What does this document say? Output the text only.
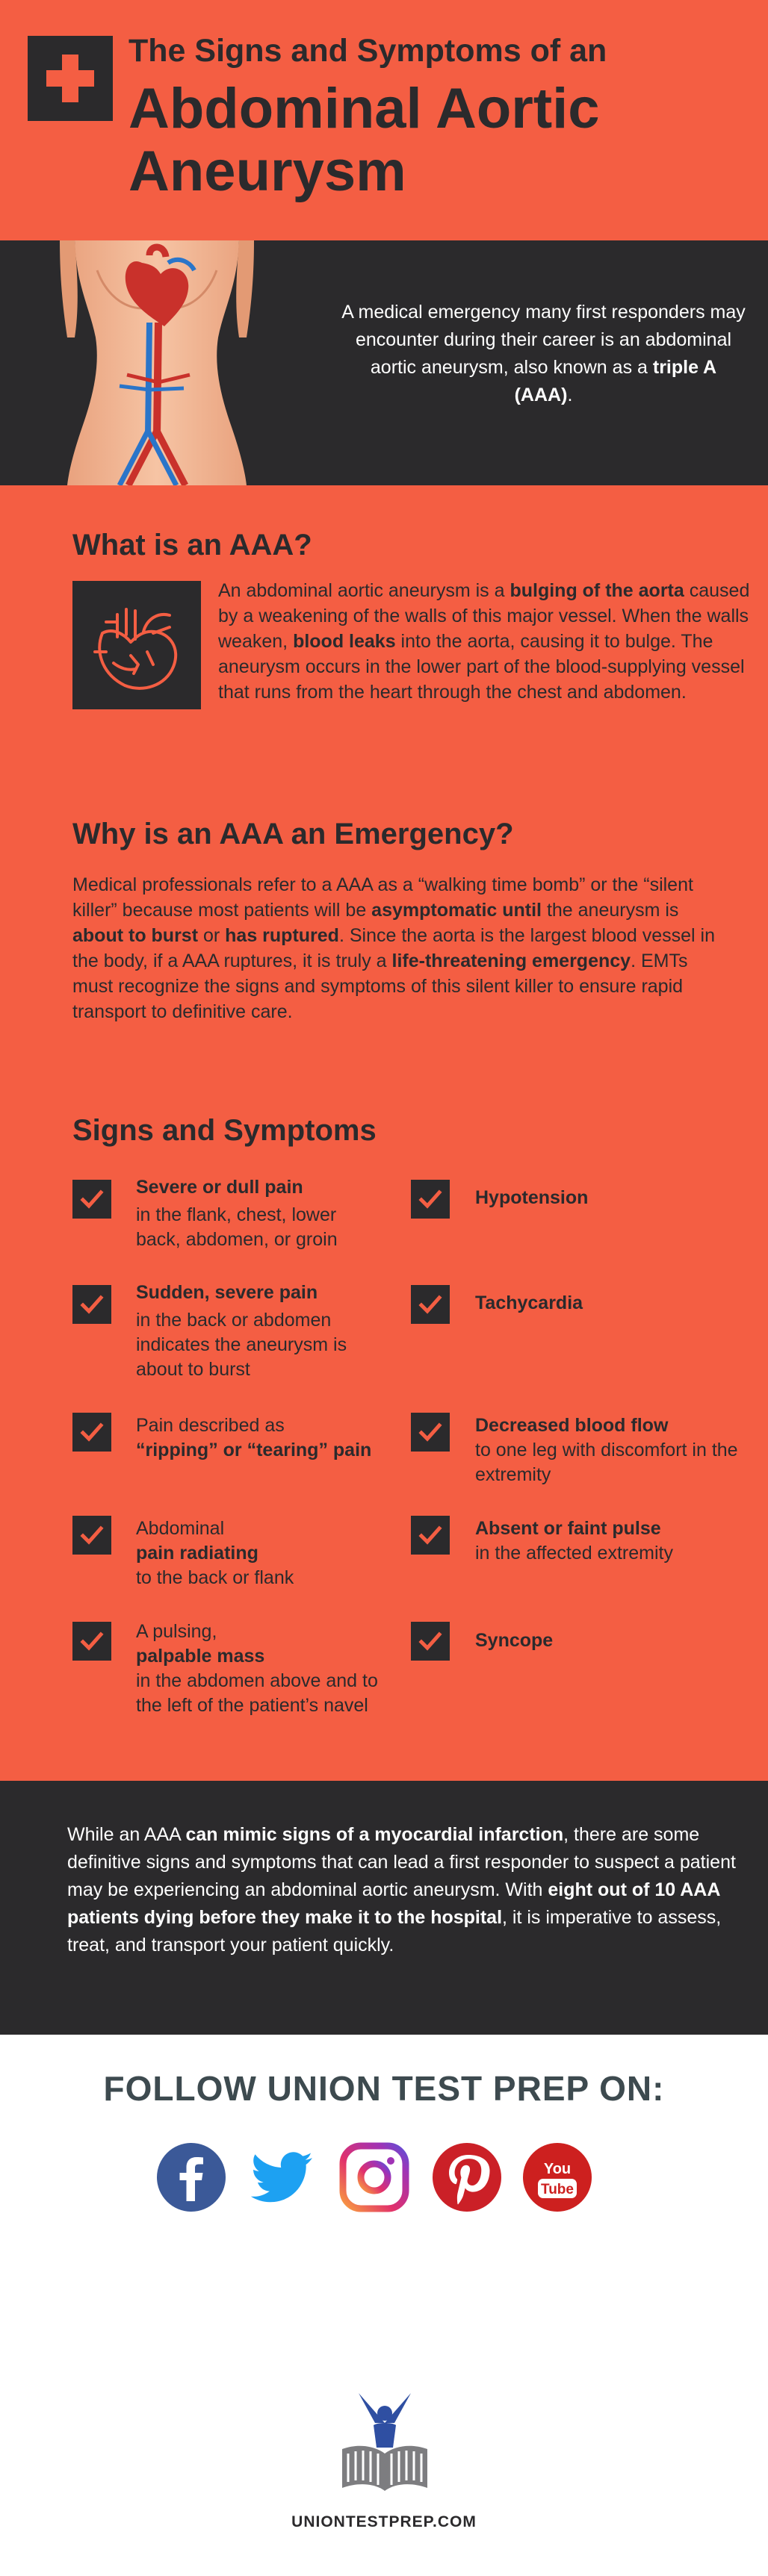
The Signs and Symptoms of an
Abdominal Aortic
Aneurysm
A medical emergency many first responders may encounter during their career is an abdominal aortic aneurysm, also known as a triple A (AAA).
What is an AAA?
An abdominal aortic aneurysm is a bulging of the aorta caused by a weakening of the walls of this major vessel. When the walls weaken, blood leaks into the aorta, causing it to bulge. The aneurysm occurs in the lower part of the blood-supplying vessel that runs from the heart through the chest and abdomen.
Why is an AAA an Emergency?
Medical professionals refer to a AAA as a “walking time bomb” or the “silent killer” because most patients will be asymptomatic until the aneurysm is about to burst or has ruptured. Since the aorta is the largest blood vessel in the body, if a AAA ruptures, it is truly a life-threatening emergency. EMTs must recognize the signs and symptoms of this silent killer to ensure rapid transport to definitive care.
Signs and Symptoms
Severe or dull pain
in the flank, chest, lower back, abdomen, or groin
Sudden, severe pain
in the back or abdomen indicates the aneurysm is about to burst
Pain described as
“ripping” or “tearing” pain
Abdominal
pain radiating
to the back or flank
A pulsing,
palpable mass
in the abdomen above and to the left of the patient’s navel
Hypotension
Tachycardia
Decreased blood flow
to one leg with discomfort in the extremity
Absent or faint pulse
in the affected extremity
Syncope
While an AAA can mimic signs of a myocardial infarction, there are some definitive signs and symptoms that can lead a first responder to suspect a patient may be experiencing an abdominal aortic aneurysm. With eight out of 10 AAA patients dying before they make it to the hospital, it is imperative to assess, treat, and transport your patient quickly.
FOLLOW UNION TEST PREP ON:
You
Tube
UNIONTESTPREP.COM
